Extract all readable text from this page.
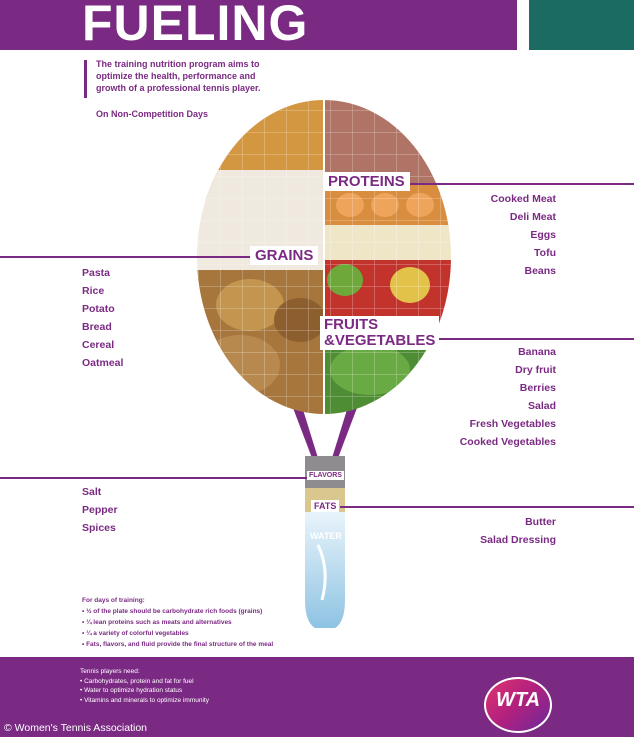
FUELING
The training nutrition program aims to
optimize the health, performance and
growth of a professional tennis player.
On Non-Competition Days
PROTEINS
GRAINS
FRUITS
&VEGETABLES
FLAVORS
FATS
WATER
Cooked Meat
Deli Meat
Eggs
Tofu
Beans
Pasta
Rice
Potato
Bread
Cereal
Oatmeal
Banana
Dry fruit
Berries
Salad
Fresh Vegetables
Cooked Vegetables
Salt
Pepper
Spices	Butter
Salad Dressing
For days of training:
• ½ of the plate should be carbohydrate rich foods (grains)
• ¼ lean proteins such as meats and alternatives
• ¼ a variety of colorful vegetables
• Fats, flavors, and fluid provide the final structure of the meal
Tennis players need:
• Carbohydrates, protein and fat for fuel
• Water to optimize hydration status
• Vitamins and minerals to optimize immunity
© Women's Tennis Association
WTA
